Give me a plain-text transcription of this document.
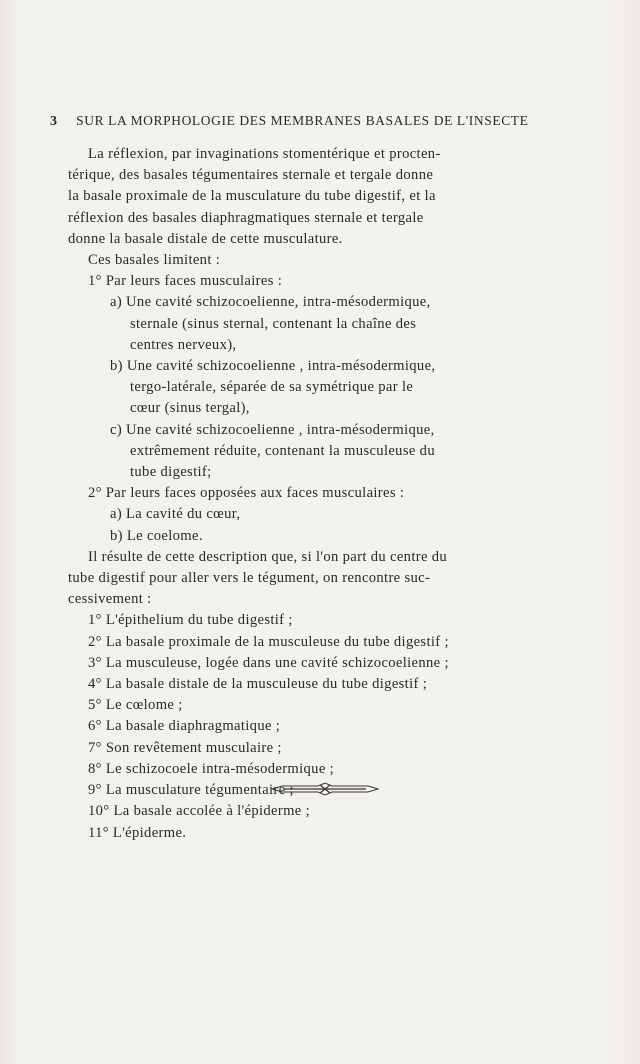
3 SUR LA MORPHOLOGIE DES MEMBRANES BASALES DE L'INSECTE
La réflexion, par invaginations stomentérique et procten-
térique, des basales tégumentaires sternale et tergale donne
la basale proximale de la musculature du tube digestif, et la
réflexion des basales diaphragmatiques sternale et tergale
donne la basale distale de cette musculature.
Ces basales limitent :
1° Par leurs faces musculaires :
a) Une cavité schizocoelienne, intra-mésodermique,
sternale (sinus sternal, contenant la chaîne des
centres nerveux),
b) Une cavité schizocoelienne , intra-mésodermique,
tergo-latérale, séparée de sa symétrique par le
cœur (sinus tergal),
c) Une cavité schizocoelienne , intra-mésodermique,
extrêmement réduite, contenant la musculeuse du
tube digestif;
2° Par leurs faces opposées aux faces musculaires :
a) La cavité du cœur,
b) Le coelome.
Il résulte de cette description que, si l'on part du centre du
tube digestif pour aller vers le tégument, on rencontre suc-
cessivement :
1° L'épithelium du tube digestif ;
2° La basale proximale de la musculeuse du tube digestif ;
3° La musculeuse, logée dans une cavité schizocoelienne ;
4° La basale distale de la musculeuse du tube digestif ;
5° Le cœlome ;
6° La basale diaphragmatique ;
7° Son revêtement musculaire ;
8° Le schizocoele intra-mésodermique ;
9° La musculature tégumentaire ;
10° La basale accolée à l'épiderme ;
11° L'épiderme.
